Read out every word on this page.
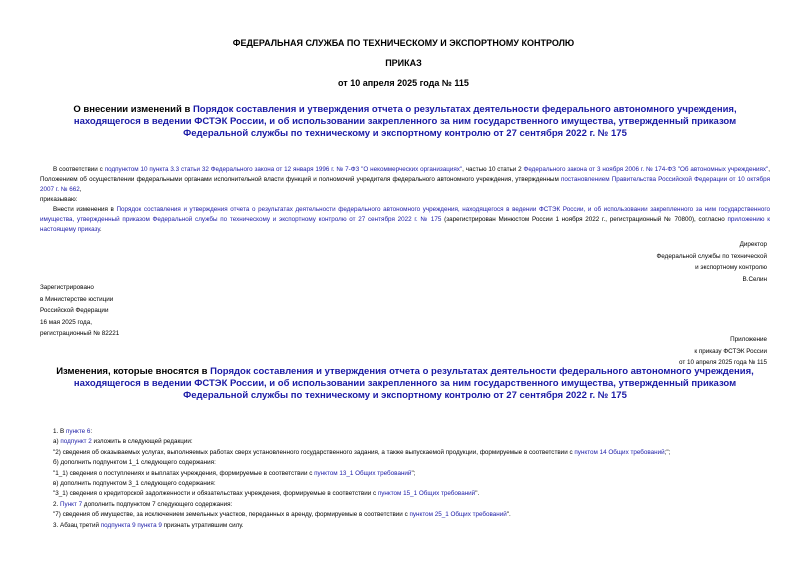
ФЕДЕРАЛЬНАЯ СЛУЖБА ПО ТЕХНИЧЕСКОМУ И ЭКСПОРТНОМУ КОНТРОЛЮ
ПРИКАЗ
от 10 апреля 2025 года № 115
О внесении изменений в Порядок составления и утверждения отчета о результатах деятельности федерального автономного учреждения, находящегося в ведении ФСТЭК России, и об использовании закрепленного за ним государственного имущества, утвержденный приказом Федеральной службы по техническому и экспортному контролю от 27 сентября 2022 г. № 175

В соответствии с подпунктом 10 пункта 3.3 статьи 32 Федерального закона от 12 января 1996 г. № 7-ФЗ "О некоммерческих организациях", частью 10 статьи 2 Федерального закона от 3 ноября 2006 г. № 174-ФЗ "Об автономных учреждениях", Положением об осуществлении федеральными органами исполнительной власти функций и полномочий учредителя федерального автономного учреждения, утвержденным постановлением Правительства Российской Федерации от 10 октября 2007 г. № 662,

приказываю:

Внести изменения в Порядок составления и утверждения отчета о результатах деятельности федерального автономного учреждения, находящегося в ведении ФСТЭК России, и об использовании закрепленного за ним государственного имущества, утвержденный приказом Федеральной службы по техническому и экспортному контролю от 27 сентября 2022 г. № 175 (зарегистрирован Минюстом России 1 ноября 2022 г., регистрационный № 70800), согласно приложению к настоящему приказу.

Директор
Федеральной службы по технической
и экспортному контролю
В.Селин
Зарегистрировано
в Министерстве юстиции
Российской Федерации
16 мая 2025 года,
регистрационный № 82221
Приложение
к приказу ФСТЭК России
от 10 апреля 2025 года № 115
Изменения, которые вносятся в Порядок составления и утверждения отчета о результатах деятельности федерального автономного учреждения, находящегося в ведении ФСТЭК России, и об использовании закрепленного за ним государственного имущества, утвержденный приказом Федеральной службы по техническому и экспортному контролю от 27 сентября 2022 г. № 175
1. В пункте 6:
а) подпункт 2 изложить в следующей редакции:
"2) сведения об оказываемых услугах, выполняемых работах сверх установленного государственного задания, а также выпускаемой продукции, формируемые в соответствии с пунктом 14 Общих требований;";
б) дополнить подпунктом 1_1 следующего содержания:
"1_1) сведения о поступлениях и выплатах учреждения, формируемые в соответствии с пунктом 13_1 Общих требований";
в) дополнить подпунктом 3_1 следующего содержания:
"3_1) сведения о кредиторской задолженности и обязательствах учреждения, формируемые в соответствии с пунктом 15_1 Общих требований".
2. Пункт 7 дополнить подпунктом 7 следующего содержания:
"7) сведения об имуществе, за исключением земельных участков, переданных в аренду, формируемые в соответствии с пунктом 25_1 Общих требований".
3. Абзац третий подпункта 9 пункта 9 признать утратившим силу.
